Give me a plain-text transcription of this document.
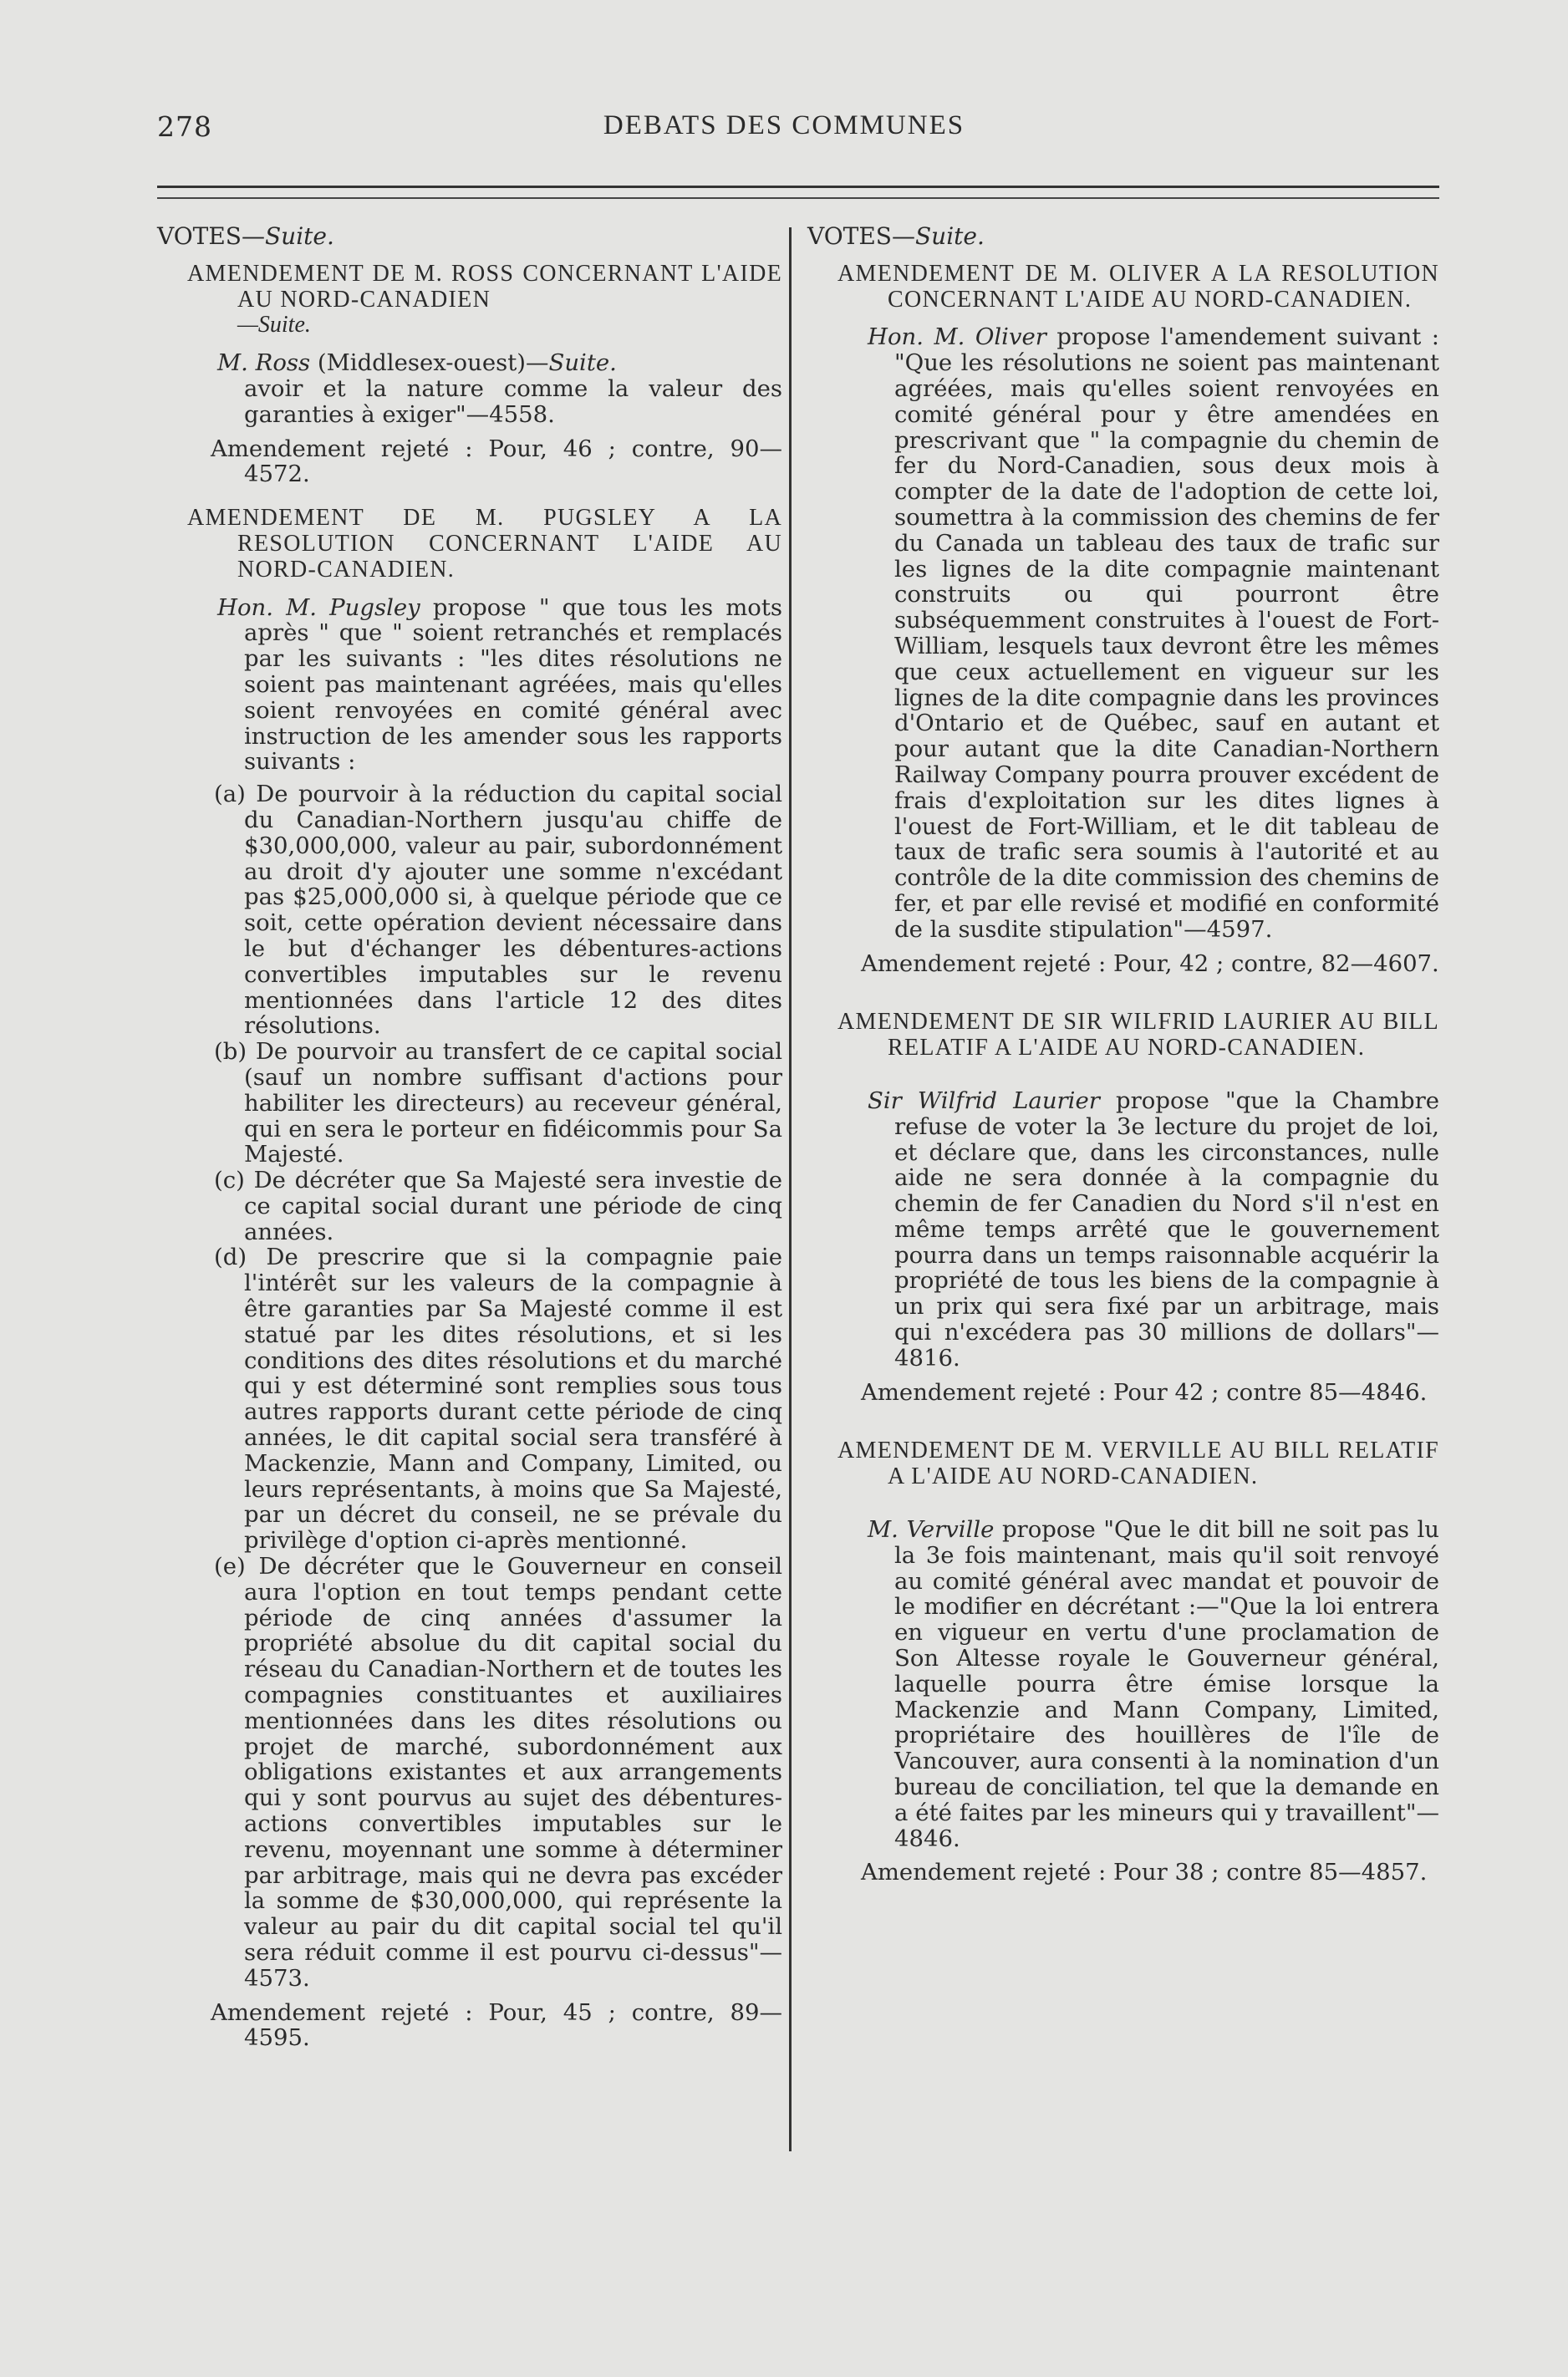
278	DEBATS DES COMMUNES

VOTES—Suite.

AMENDEMENT DE M. ROSS CONCERNANT L'AIDE AU NORD-CANADIEN
—Suite.

M. Ross (Middlesex-ouest)—Suite.
avoir et la nature comme la valeur des garanties à exiger"—4558.

Amendement rejeté : Pour, 46 ; contre, 90—4572.

AMENDEMENT DE M. PUGSLEY A LA RESOLUTION CONCERNANT L'AIDE AU NORD-CANADIEN.

Hon. M. Pugsley propose " que tous les mots après " que " soient retranchés et remplacés par les suivants : "les dites résolutions ne soient pas maintenant agréées, mais qu'elles soient renvoyées en comité général avec instruction de les amender sous les rapports suivants :

(a) De pourvoir à la réduction du capital social du Canadian-Northern jusqu'au chiffe de $30,000,000, valeur au pair, subordonnément au droit d'y ajouter une somme n'excédant pas $25,000,000 si, à quelque période que ce soit, cette opération devient nécessaire dans le but d'échanger les débentures-actions convertibles imputables sur le revenu mentionnées dans l'article 12 des dites résolutions.

(b) De pourvoir au transfert de ce capital social (sauf un nombre suffisant d'actions pour habiliter les directeurs) au receveur général, qui en sera le porteur en fidéicommis pour Sa Majesté.

(c) De décréter que Sa Majesté sera investie de ce capital social durant une période de cinq années.

(d) De prescrire que si la compagnie paie l'intérêt sur les valeurs de la compagnie à être garanties par Sa Majesté comme il est statué par les dites résolutions, et si les conditions des dites résolutions et du marché qui y est déterminé sont remplies sous tous autres rapports durant cette période de cinq années, le dit capital social sera transféré à Mackenzie, Mann and Company, Limited, ou leurs représentants, à moins que Sa Majesté, par un décret du conseil, ne se prévale du privilège d'option ci-après mentionné.

(e) De décréter que le Gouverneur en conseil aura l'option en tout temps pendant cette période de cinq années d'assumer la propriété absolue du dit capital social du réseau du Canadian-Northern et de toutes les compagnies constituantes et auxiliaires mentionnées dans les dites résolutions ou projet de marché, subordonnément aux obligations existantes et aux arrangements qui y sont pourvus au sujet des débentures-actions convertibles imputables sur le revenu, moyennant une somme à déterminer par arbitrage, mais qui ne devra pas excéder la somme de $30,000,000, qui représente la valeur au pair du dit capital social tel qu'il sera réduit comme il est pourvu ci-dessus"—4573.

Amendement rejeté : Pour, 45 ; contre, 89—4595.

VOTES—Suite.

AMENDEMENT DE M. OLIVER A LA RESOLUTION CONCERNANT L'AIDE AU NORD-CANADIEN.

Hon. M. Oliver propose l'amendement suivant : "Que les résolutions ne soient pas maintenant agréées, mais qu'elles soient renvoyées en comité général pour y être amendées en prescrivant que " la compagnie du chemin de fer du Nord-Canadien, sous deux mois à compter de la date de l'adoption de cette loi, soumettra à la commission des chemins de fer du Canada un tableau des taux de trafic sur les lignes de la dite compagnie maintenant construits ou qui pourront être subséquemment construites à l'ouest de Fort-William, lesquels taux devront être les mêmes que ceux actuellement en vigueur sur les lignes de la dite compagnie dans les provinces d'Ontario et de Québec, sauf en autant et pour autant que la dite Canadian-Northern Railway Company pourra prouver excédent de frais d'exploitation sur les dites lignes à l'ouest de Fort-William, et le dit tableau de taux de trafic sera soumis à l'autorité et au contrôle de la dite commission des chemins de fer, et par elle revisé et modifié en conformité de la susdite stipulation"—4597.

Amendement rejeté : Pour, 42 ; contre, 82—4607.

AMENDEMENT DE SIR WILFRID LAURIER AU BILL RELATIF A L'AIDE AU NORD-CANADIEN.

Sir Wilfrid Laurier propose "que la Chambre refuse de voter la 3e lecture du projet de loi, et déclare que, dans les circonstances, nulle aide ne sera donnée à la compagnie du chemin de fer Canadien du Nord s'il n'est en même temps arrêté que le gouvernement pourra dans un temps raisonnable acquérir la propriété de tous les biens de la compagnie à un prix qui sera fixé par un arbitrage, mais qui n'excédera pas 30 millions de dollars"—4816.

Amendement rejeté : Pour 42 ; contre 85—4846.

AMENDEMENT DE M. VERVILLE AU BILL RELATIF A L'AIDE AU NORD-CANADIEN.

M. Verville propose "Que le dit bill ne soit pas lu la 3e fois maintenant, mais qu'il soit renvoyé au comité général avec mandat et pouvoir de le modifier en décrétant :—"Que la loi entrera en vigueur en vertu d'une proclamation de Son Altesse royale le Gouverneur général, laquelle pourra être émise lorsque la Mackenzie and Mann Company, Limited, propriétaire des houillères de l'île de Vancouver, aura consenti à la nomination d'un bureau de conciliation, tel que la demande en a été faites par les mineurs qui y travaillent"—4846.

Amendement rejeté : Pour 38 ; contre 85—4857.
